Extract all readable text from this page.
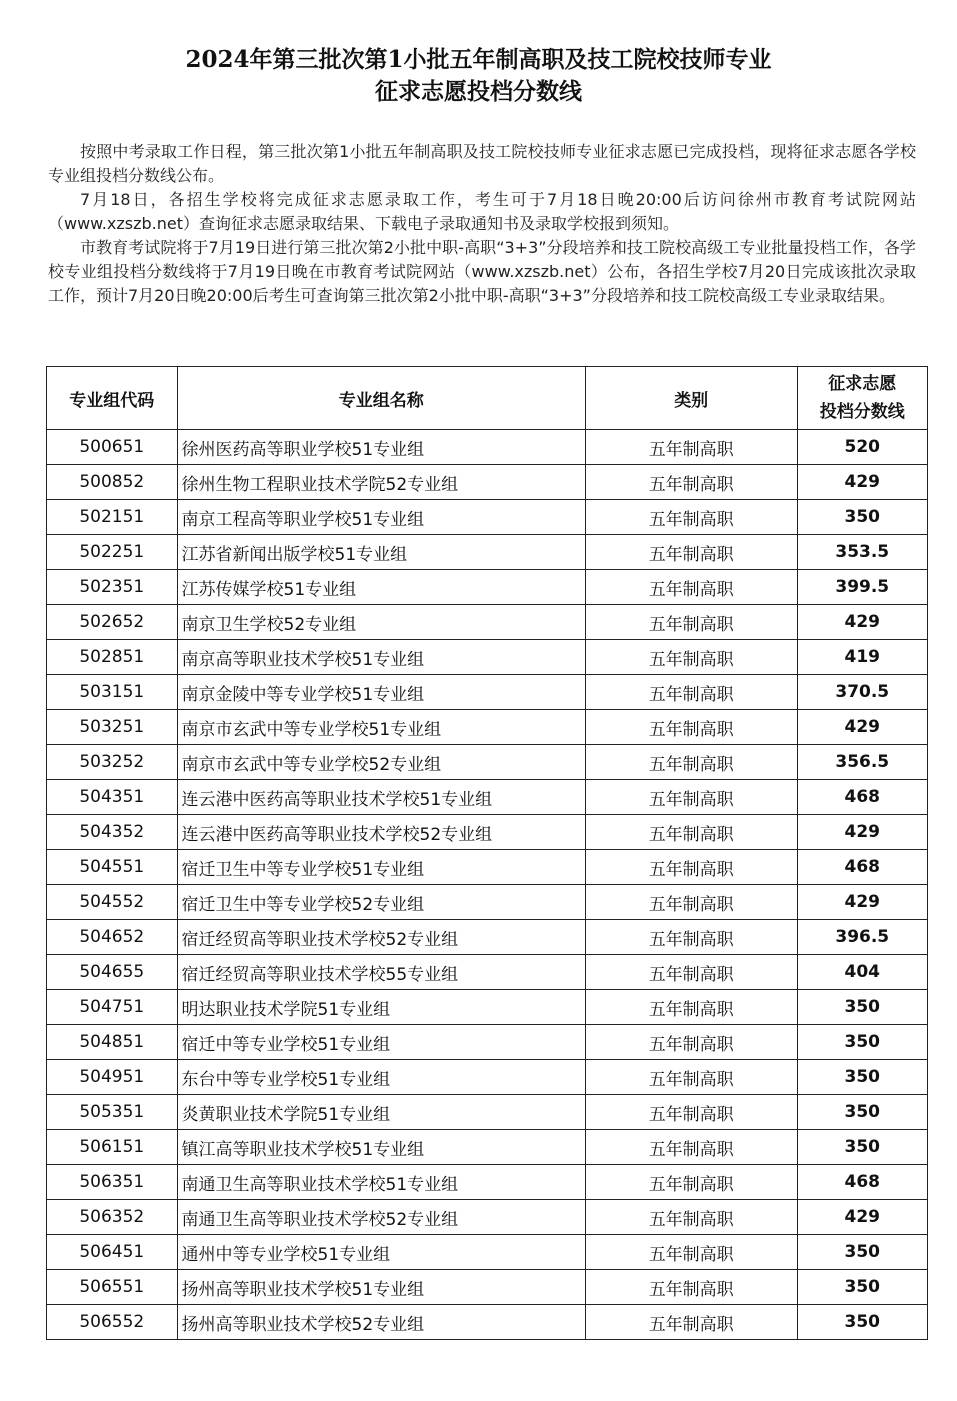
2024年第三批次第1小批五年制高职及技工院校技师专业
征求志愿投档分数线

按照中考录取工作日程，第三批次第1小批五年制高职及技工院校技师专业征求志愿已完成投档，现将征求志愿各学校专业组投档分数线公布。

7月18日，各招生学校将完成征求志愿录取工作，考生可于7月18日晚20:00后访问徐州市教育考试院网站（www.xzszb.net）查询征求志愿录取结果、下载电子录取通知书及录取学校报到须知。

市教育考试院将于7月19日进行第三批次第2小批中职-高职“3+3”分段培养和技工院校高级工专业批量投档工作，各学校专业组投档分数线将于7月19日晚在市教育考试院网站（www.xzszb.net）公布，各招生学校7月20日完成该批次录取工作，预计7月20日晚20:00后考生可查询第三批次第2小批中职-高职“3+3”分段培养和技工院校高级工专业录取结果。

专业组代码	专业组名称	类别	征求志愿
投档分数线

500651	徐州医药高等职业学校51专业组	五年制高职	520
500852	徐州生物工程职业技术学院52专业组	五年制高职	429
502151	南京工程高等职业学校51专业组	五年制高职	350
502251	江苏省新闻出版学校51专业组	五年制高职	353.5
502351	江苏传媒学校51专业组	五年制高职	399.5
502652	南京卫生学校52专业组	五年制高职	429
502851	南京高等职业技术学校51专业组	五年制高职	419
503151	南京金陵中等专业学校51专业组	五年制高职	370.5
503251	南京市玄武中等专业学校51专业组	五年制高职	429
503252	南京市玄武中等专业学校52专业组	五年制高职	356.5
504351	连云港中医药高等职业技术学校51专业组	五年制高职	468
504352	连云港中医药高等职业技术学校52专业组	五年制高职	429
504551	宿迁卫生中等专业学校51专业组	五年制高职	468
504552	宿迁卫生中等专业学校52专业组	五年制高职	429
504652	宿迁经贸高等职业技术学校52专业组	五年制高职	396.5
504655	宿迁经贸高等职业技术学校55专业组	五年制高职	404
504751	明达职业技术学院51专业组	五年制高职	350
504851	宿迁中等专业学校51专业组	五年制高职	350
504951	东台中等专业学校51专业组	五年制高职	350
505351	炎黄职业技术学院51专业组	五年制高职	350
506151	镇江高等职业技术学校51专业组	五年制高职	350
506351	南通卫生高等职业技术学校51专业组	五年制高职	468
506352	南通卫生高等职业技术学校52专业组	五年制高职	429
506451	通州中等专业学校51专业组	五年制高职	350
506551	扬州高等职业技术学校51专业组	五年制高职	350
506552	扬州高等职业技术学校52专业组	五年制高职	350
